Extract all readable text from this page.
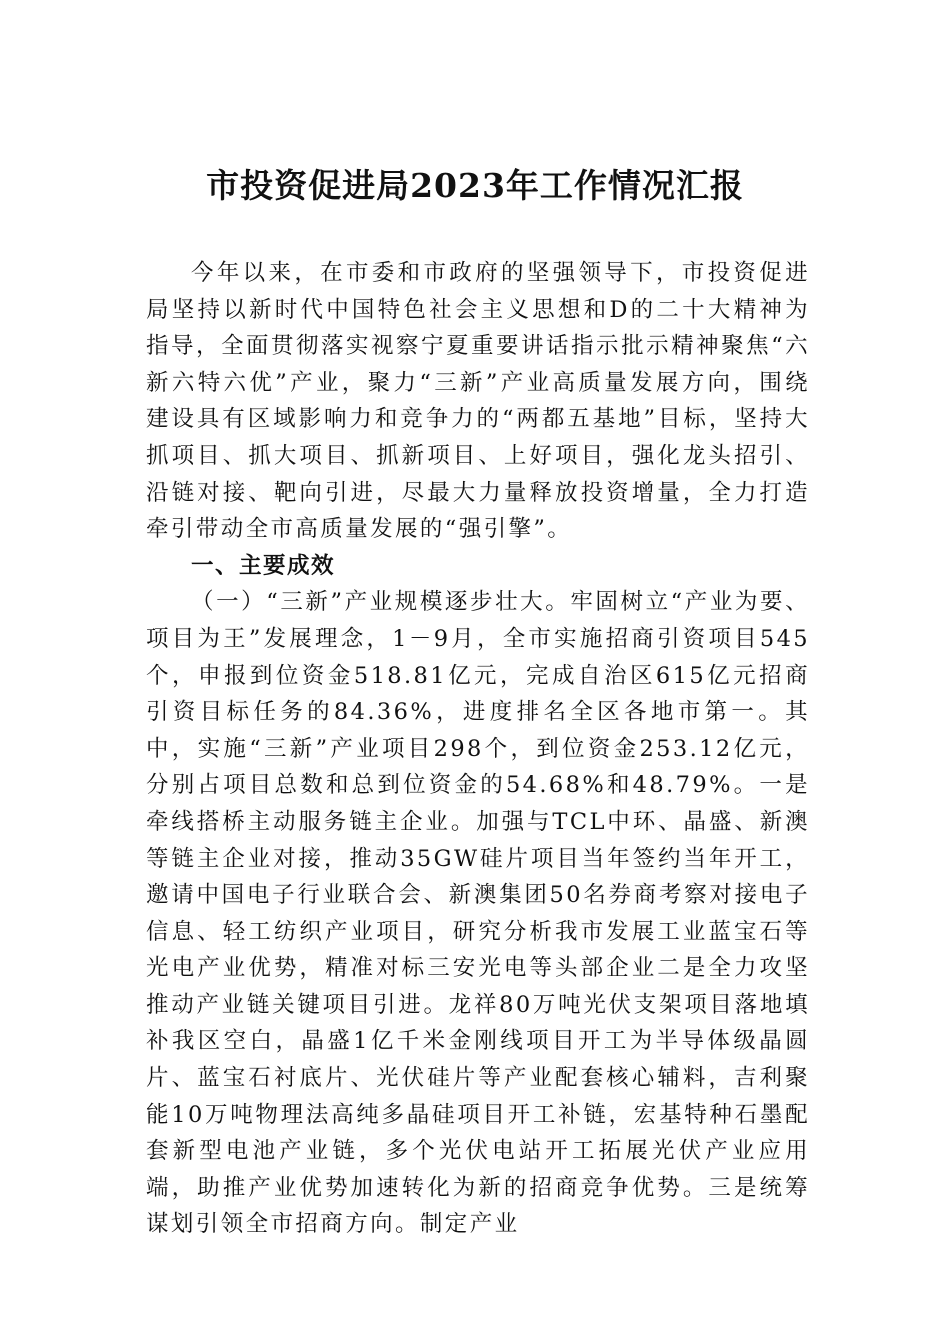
市投资促进局2023年工作情况汇报

今年以来，在市委和市政府的坚强领导下，市投资促进局坚持以新时代中国特色社会主义思想和D的二十大精神为指导，全面贯彻落实视察宁夏重要讲话指示批示精神聚焦“六新六特六优”产业，聚力“三新”产业高质量发展方向，围绕建设具有区域影响力和竞争力的“两都五基地”目标，坚持大抓项目、抓大项目、抓新项目、上好项目，强化龙头招引、沿链对接、靶向引进，尽最大力量释放投资增量，全力打造牵引带动全市高质量发展的“强引擎”。

一、主要成效

（一）“三新”产业规模逐步壮大。牢固树立“产业为要、项目为王”发展理念，1－9月，全市实施招商引资项目545个，申报到位资金518.81亿元，完成自治区615亿元招商引资目标任务的84.36%，进度排名全区各地市第一。其中，实施“三新”产业项目298个，到位资金253.12亿元，分别占项目总数和总到位资金的54.68%和48.79%。一是牵线搭桥主动服务链主企业。加强与TCL中环、晶盛、新澳等链主企业对接，推动35GW硅片项目当年签约当年开工，邀请中国电子行业联合会、新澳集团50名券商考察对接电子信息、轻工纺织产业项目，研究分析我市发展工业蓝宝石等光电产业优势，精准对标三安光电等头部企业二是全力攻坚推动产业链关键项目引进。龙祥80万吨光伏支架项目落地填补我区空白，晶盛1亿千米金刚线项目开工为半导体级晶圆片、蓝宝石衬底片、光伏硅片等产业配套核心辅料，吉利聚能10万吨物理法高纯多晶硅项目开工补链，宏基特种石墨配套新型电池产业链，多个光伏电站开工拓展光伏产业应用端，助推产业优势加速转化为新的招商竞争优势。三是统筹谋划引领全市招商方向。制定产业
